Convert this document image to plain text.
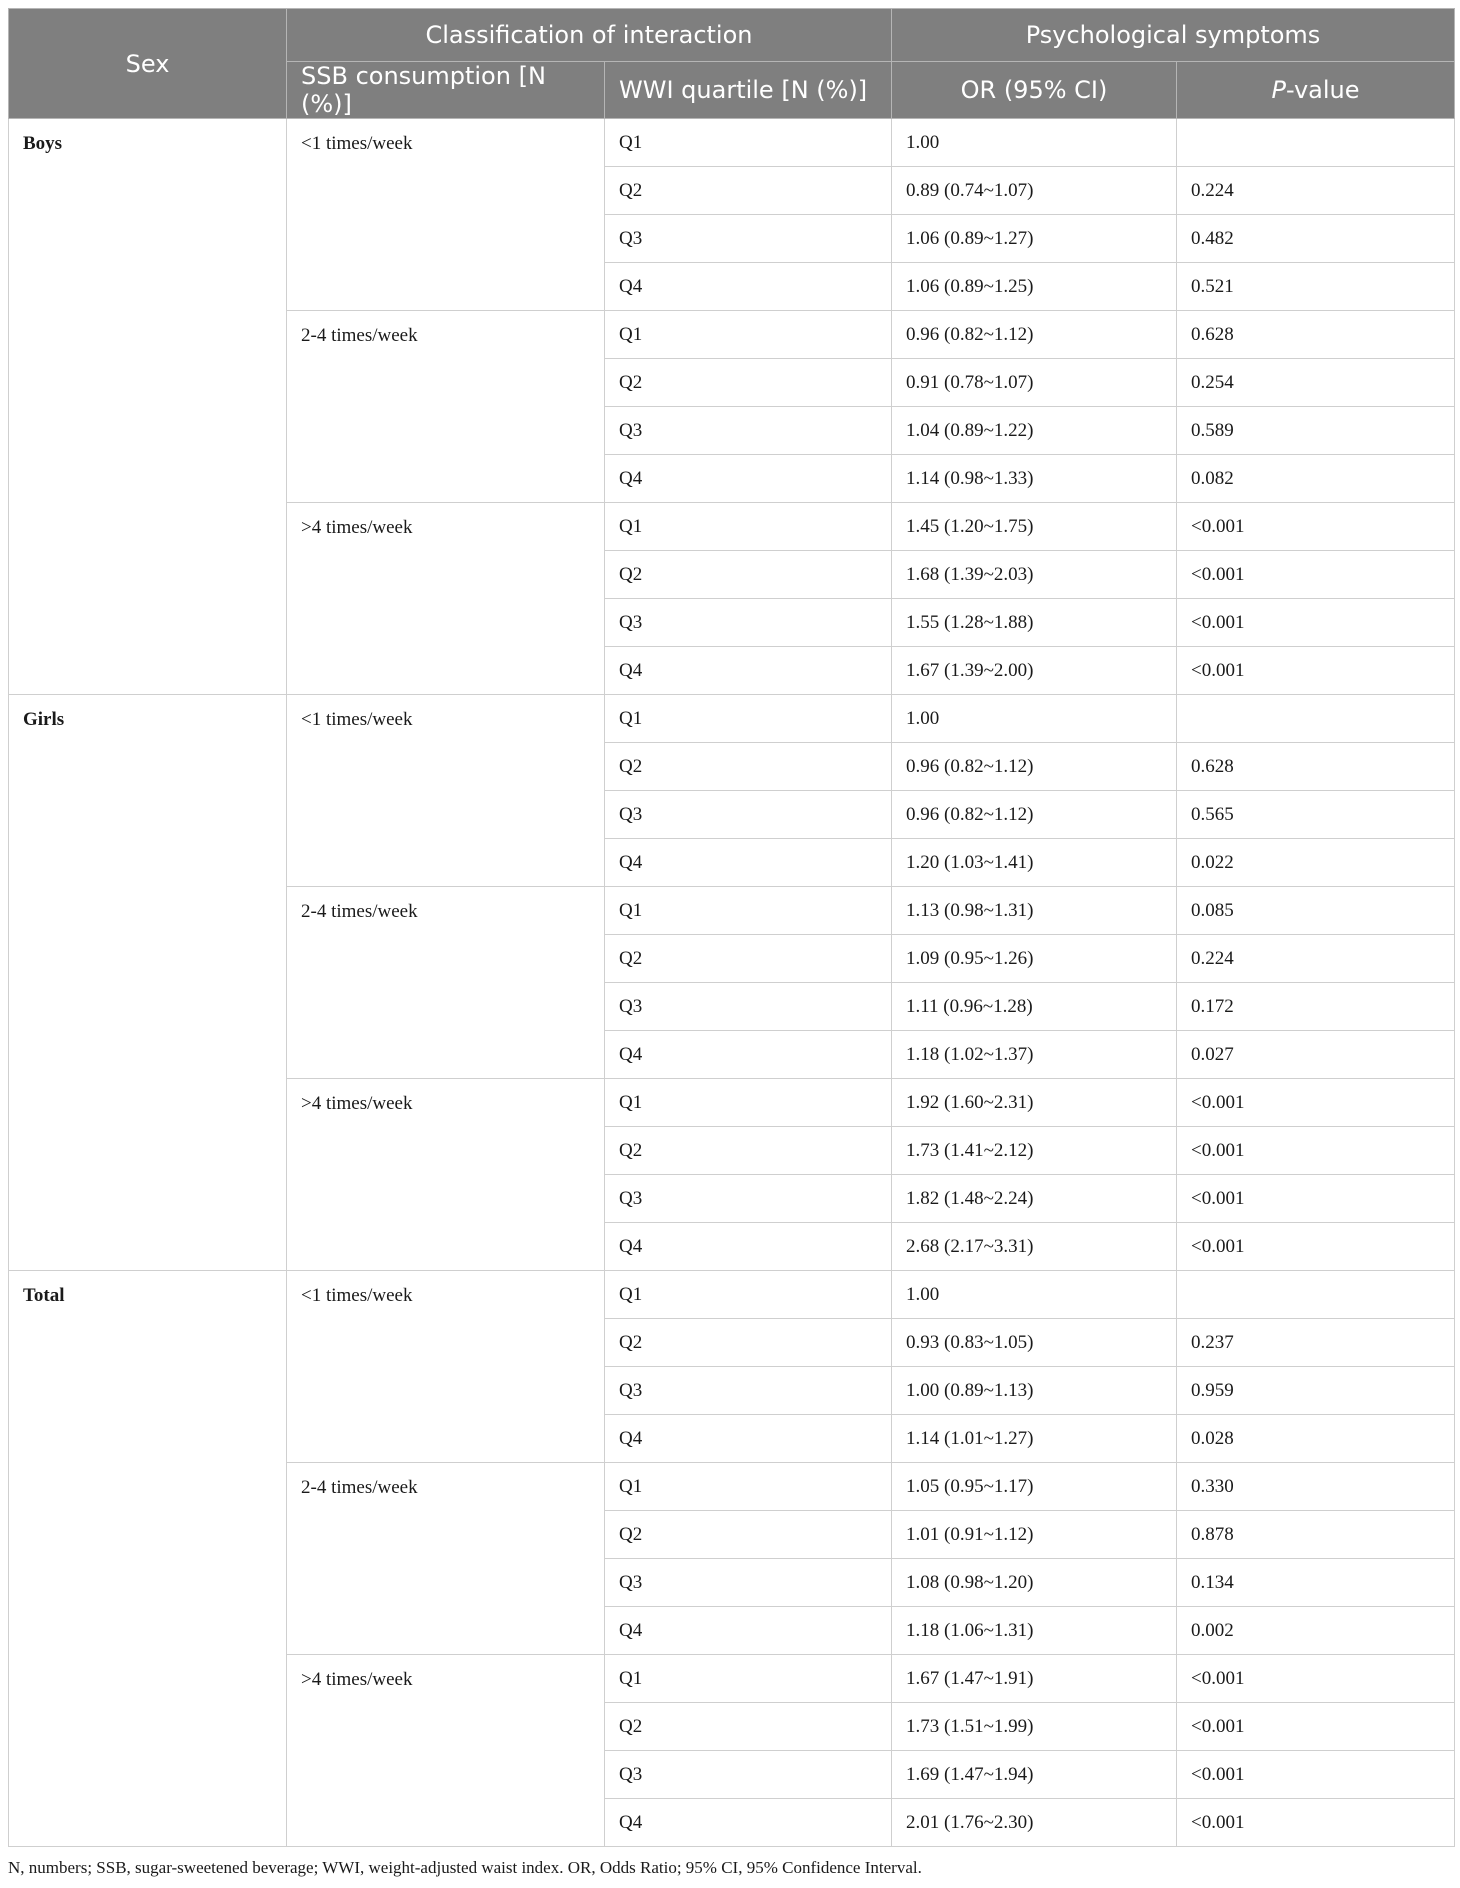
Sex	Classification of interaction		Psychological symptoms	
	SSB consumption [N (%)]	WWI quartile [N (%)]	OR (95% CI)	P-value
Boys	<1 times/week	Q1	1.00	
		Q2	0.89 (0.74~1.07)	0.224
		Q3	1.06 (0.89~1.27)	0.482
		Q4	1.06 (0.89~1.25)	0.521
	2-4 times/week	Q1	0.96 (0.82~1.12)	0.628
		Q2	0.91 (0.78~1.07)	0.254
		Q3	1.04 (0.89~1.22)	0.589
		Q4	1.14 (0.98~1.33)	0.082
	>4 times/week	Q1	1.45 (1.20~1.75)	<0.001
		Q2	1.68 (1.39~2.03)	<0.001
		Q3	1.55 (1.28~1.88)	<0.001
		Q4	1.67 (1.39~2.00)	<0.001
Girls	<1 times/week	Q1	1.00	
		Q2	0.96 (0.82~1.12)	0.628
		Q3	0.96 (0.82~1.12)	0.565
		Q4	1.20 (1.03~1.41)	0.022
	2-4 times/week	Q1	1.13 (0.98~1.31)	0.085
		Q2	1.09 (0.95~1.26)	0.224
		Q3	1.11 (0.96~1.28)	0.172
		Q4	1.18 (1.02~1.37)	0.027
	>4 times/week	Q1	1.92 (1.60~2.31)	<0.001
		Q2	1.73 (1.41~2.12)	<0.001
		Q3	1.82 (1.48~2.24)	<0.001
		Q4	2.68 (2.17~3.31)	<0.001
Total	<1 times/week	Q1	1.00	
		Q2	0.93 (0.83~1.05)	0.237
		Q3	1.00 (0.89~1.13)	0.959
		Q4	1.14 (1.01~1.27)	0.028
	2-4 times/week	Q1	1.05 (0.95~1.17)	0.330
		Q2	1.01 (0.91~1.12)	0.878
		Q3	1.08 (0.98~1.20)	0.134
		Q4	1.18 (1.06~1.31)	0.002
	>4 times/week	Q1	1.67 (1.47~1.91)	<0.001
		Q2	1.73 (1.51~1.99)	<0.001
		Q3	1.69 (1.47~1.94)	<0.001
		Q4	2.01 (1.76~2.30)	<0.001
N, numbers; SSB, sugar-sweetened beverage; WWI, weight-adjusted waist index. OR, Odds Ratio; 95% CI, 95% Confidence Interval.
